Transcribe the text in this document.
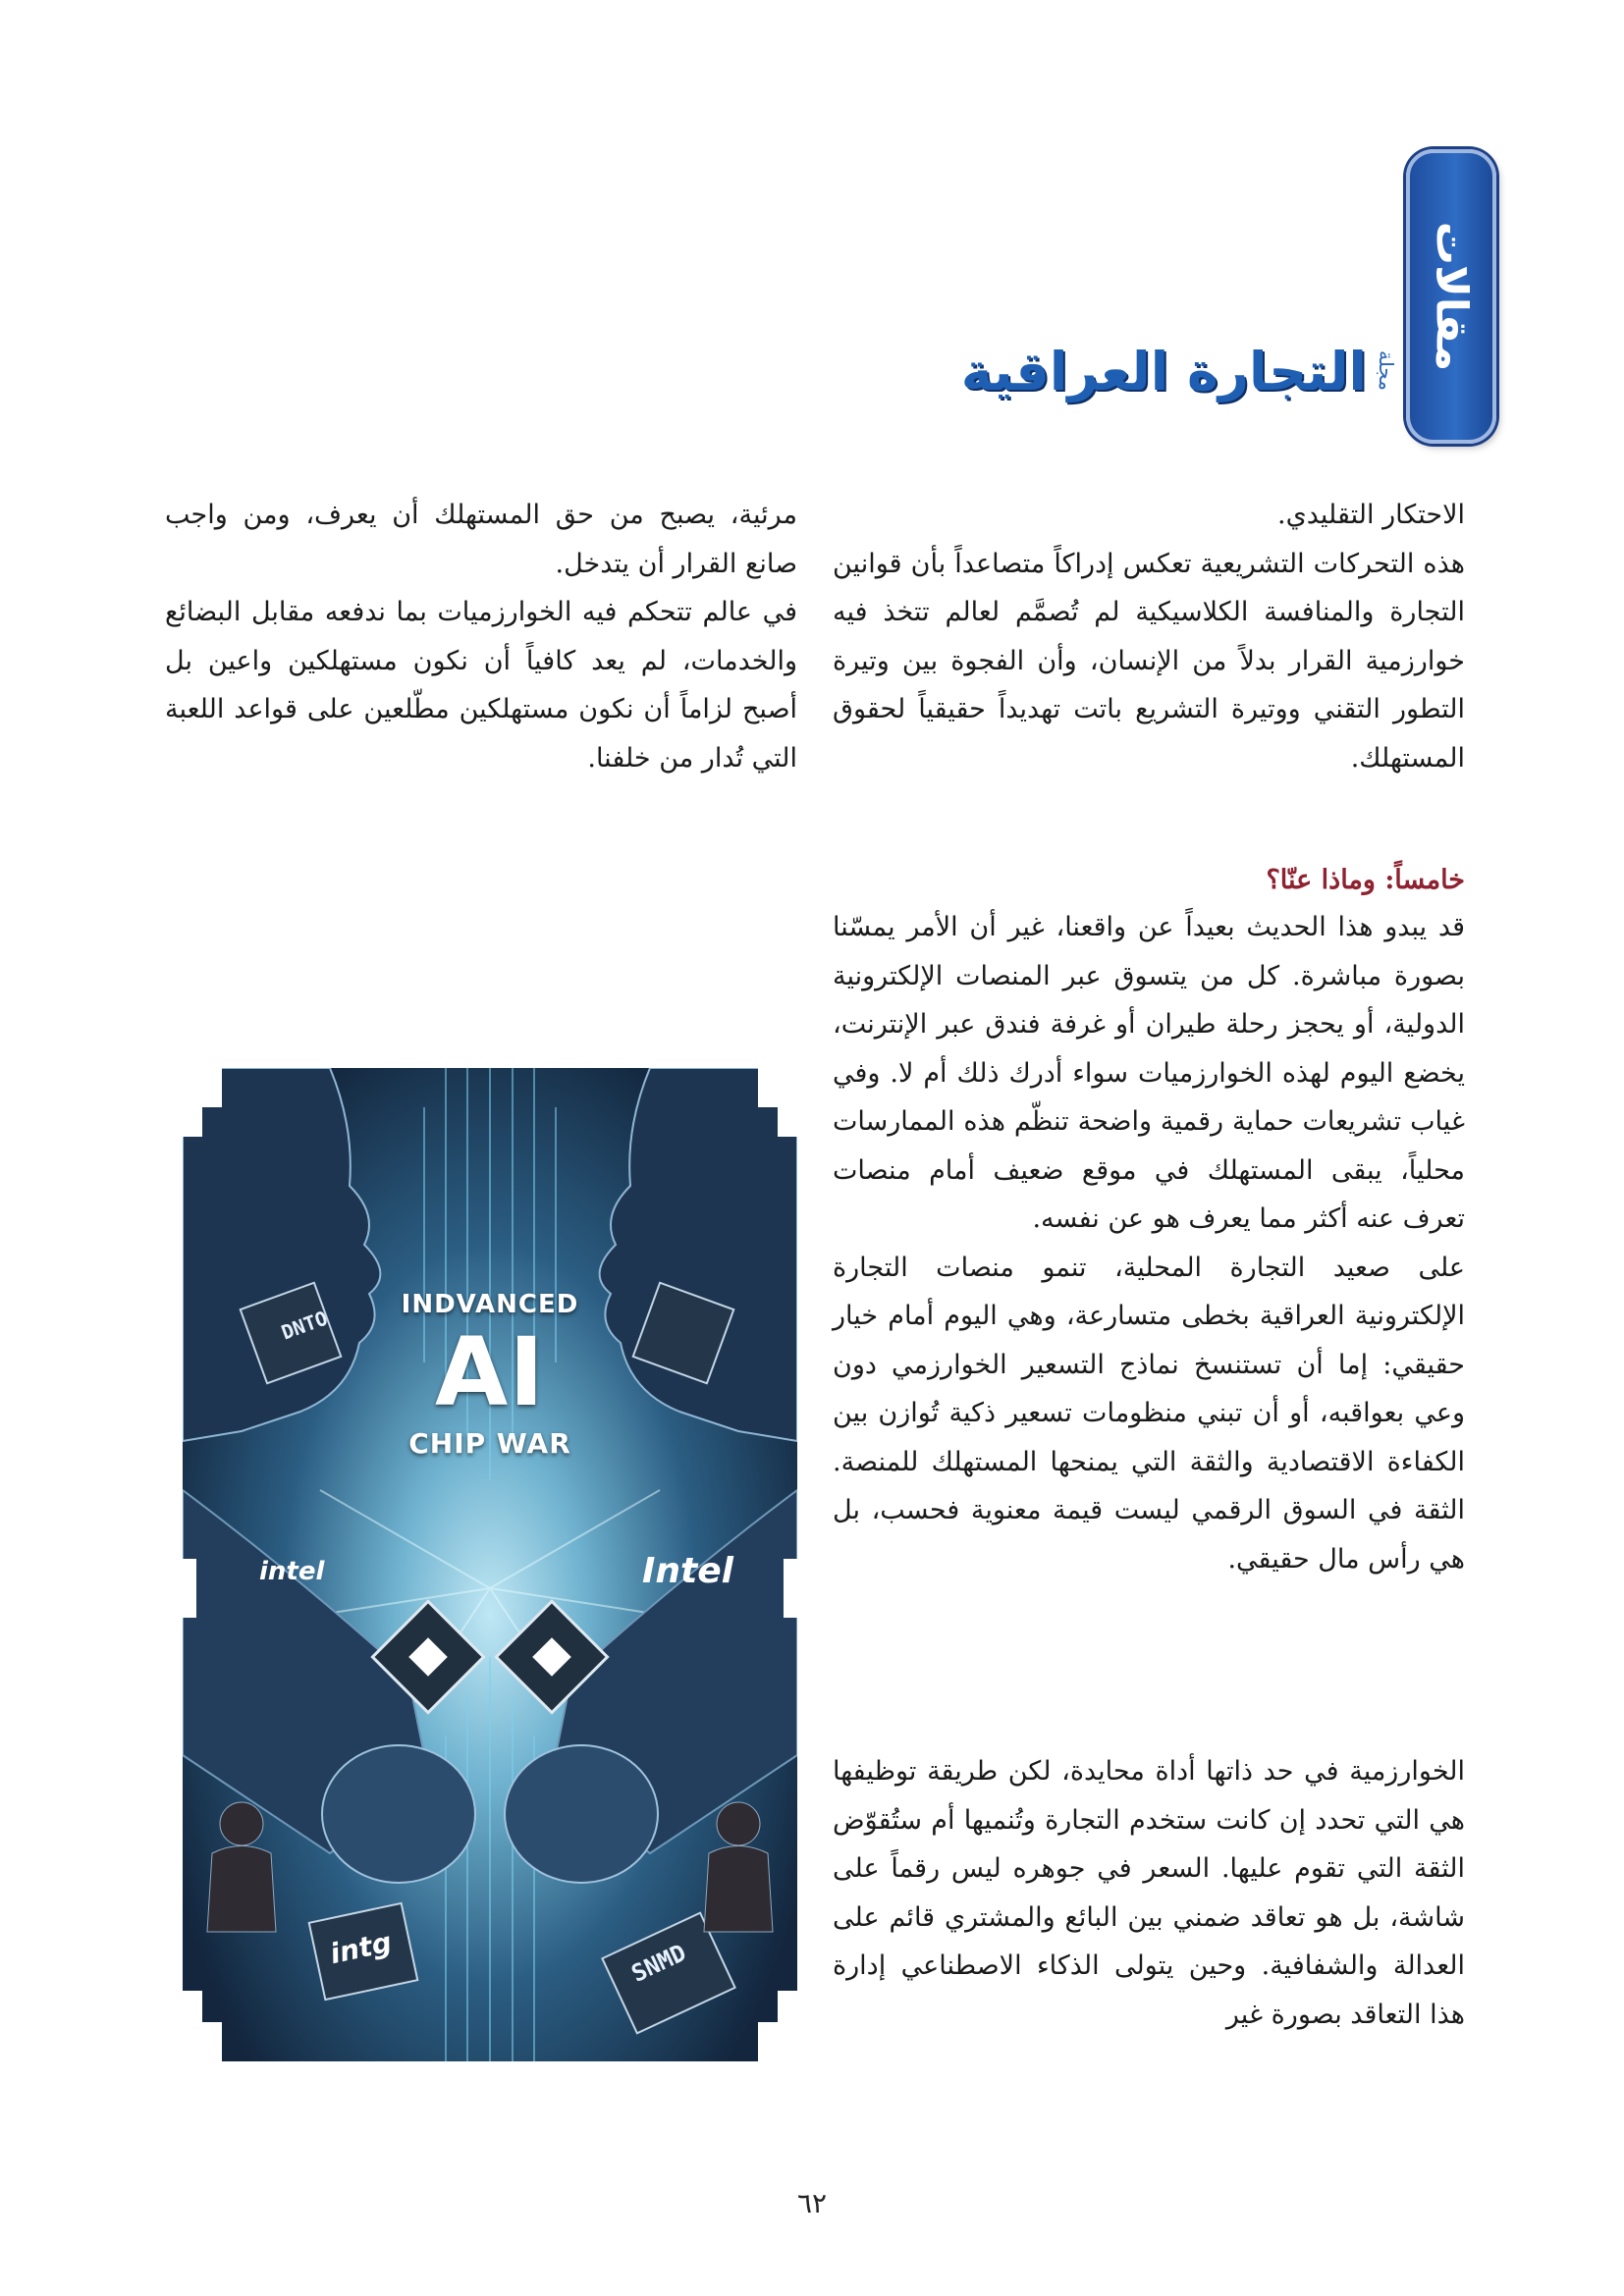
مقالات
مجلة
التجارة العراقية

الاحتكار التقليدي.

هذه التحركات التشريعية تعكس إدراكاً متصاعداً بأن قوانين التجارة والمنافسة الكلاسيكية لم تُصمَّم لعالم تتخذ فيه خوارزمية القرار بدلاً من الإنسان، وأن الفجوة بين وتيرة التطور التقني ووتيرة التشريع باتت تهديداً حقيقياً لحقوق المستهلك.

خامساً: وماذا عنّا؟

قد يبدو هذا الحديث بعيداً عن واقعنا، غير أن الأمر يمسّنا بصورة مباشرة. كل من يتسوق عبر المنصات الإلكترونية الدولية، أو يحجز رحلة طيران أو غرفة فندق عبر الإنترنت، يخضع اليوم لهذه الخوارزميات سواء أدرك ذلك أم لا. وفي غياب تشريعات حماية رقمية واضحة تنظّم هذه الممارسات محلياً، يبقى المستهلك في موقع ضعيف أمام منصات تعرف عنه أكثر مما يعرف هو عن نفسه.

على صعيد التجارة المحلية، تنمو منصات التجارة الإلكترونية العراقية بخطى متسارعة، وهي اليوم أمام خيار حقيقي: إما أن تستنسخ نماذج التسعير الخوارزمي دون وعي بعواقبه، أو أن تبني منظومات تسعير ذكية تُوازن بين الكفاءة الاقتصادية والثقة التي يمنحها المستهلك للمنصة. الثقة في السوق الرقمي ليست قيمة معنوية فحسب، بل هي رأس مال حقيقي.

الخوارزمية في حد ذاتها أداة محايدة، لكن طريقة توظيفها هي التي تحدد إن كانت ستخدم التجارة وتُنميها أم ستُقوّض الثقة التي تقوم عليها. السعر في جوهره ليس رقماً على شاشة، بل هو تعاقد ضمني بين البائع والمشتري قائم على العدالة والشفافية. وحين يتولى الذكاء الاصطناعي إدارة هذا التعاقد بصورة غير

مرئية، يصبح من حق المستهلك أن يعرف، ومن واجب صانع القرار أن يتدخل.

في عالم تتحكم فيه الخوارزميات بما ندفعه مقابل البضائع والخدمات، لم يعد كافياً أن نكون مستهلكين واعين بل أصبح لزاماً أن نكون مستهلكين مطّلعين على قواعد اللعبة التي تُدار من خلفنا.

INDVANCED
AI
CHIP WAR
Intel
intel
intg
DNTO
SNMD
٦٢
